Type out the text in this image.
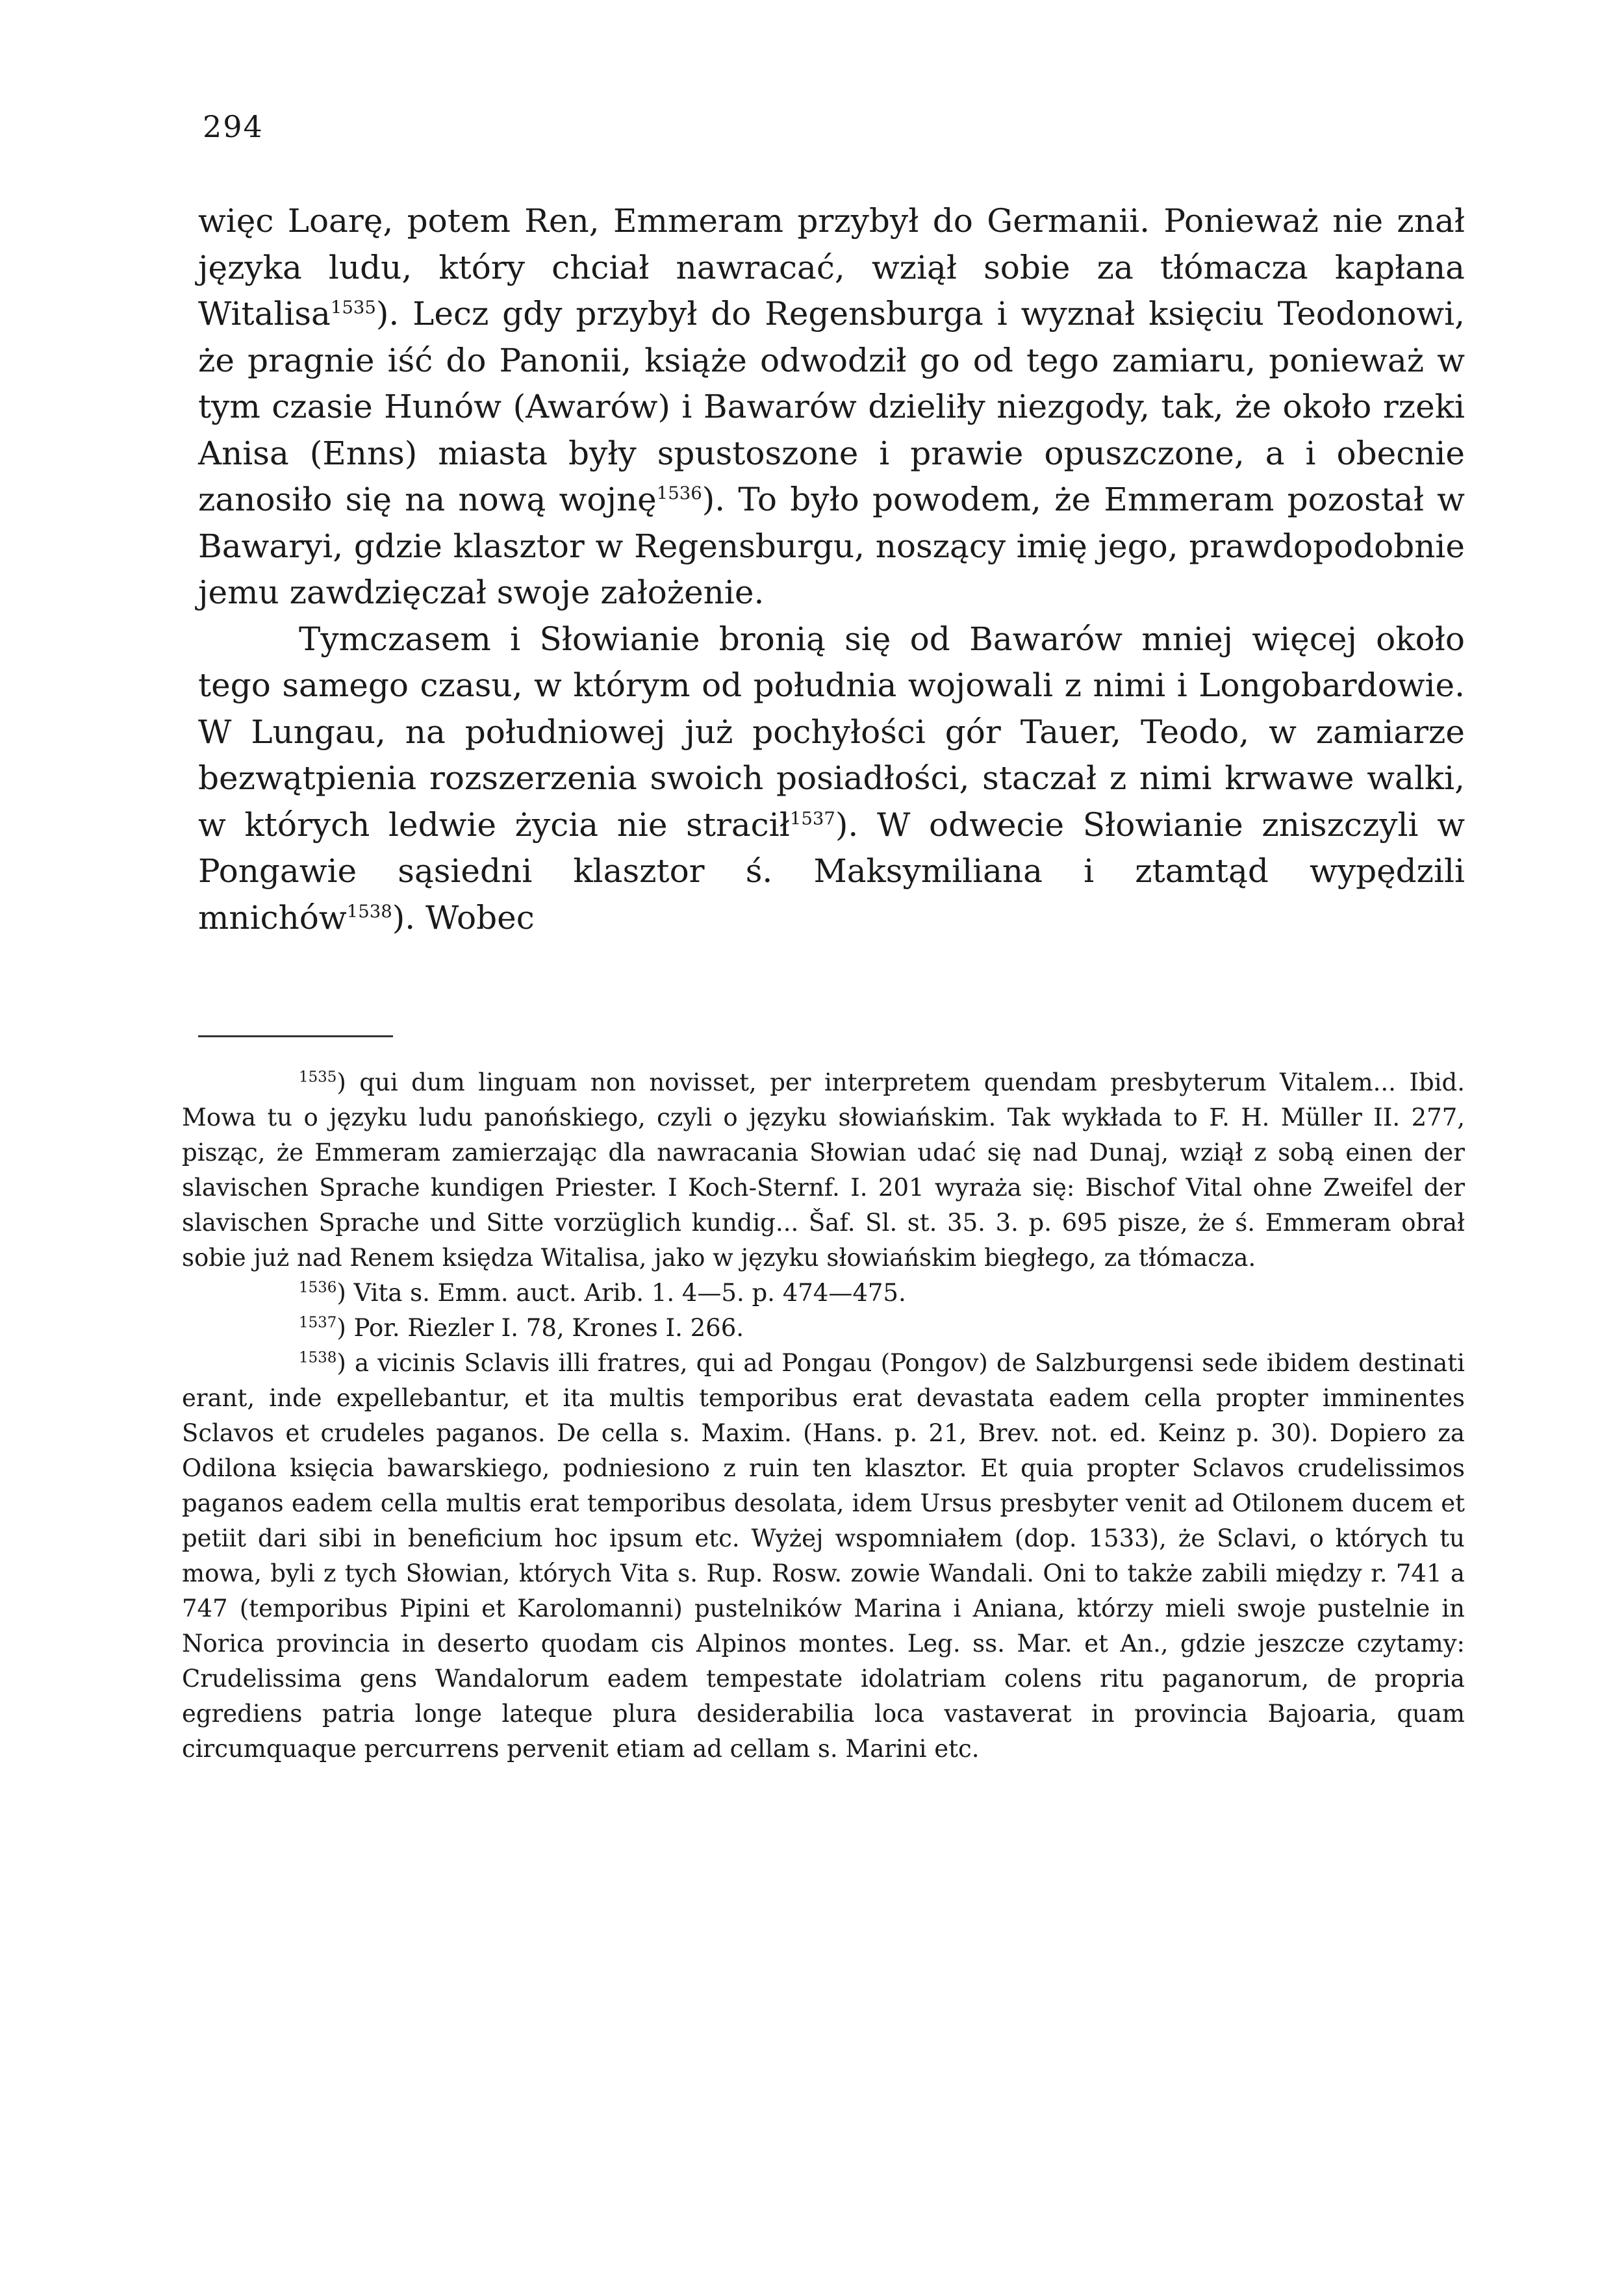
294

więc Loarę, potem Ren, Emmeram przybył do Germanii. Ponieważ nie znał języka ludu, który chciał nawracać, wziął sobie za tłómacza kapłana Witalisa$^{1535}$). Lecz gdy przybył do Regensburga i wyznał księciu Teodonowi, że pragnie iść do Panonii, książe odwodził go od tego zamiaru, ponieważ w tym czasie Hunów (Awarów) i Bawarów dzieliły niezgody, tak, że około rzeki Anisa (Enns) miasta były spustoszone i prawie opuszczone, a i obecnie zanosiło się na nową wojnę$^{1536}$). To było powodem, że Emmeram pozostał w Bawaryi, gdzie klasztor w Regensburgu, noszący imię jego, prawdopodobnie jemu zawdzięczał swoje założenie.

Tymczasem i Słowianie bronią się od Bawarów mniej więcej około tego samego czasu, w którym od południa wojowali z nimi i Longobardowie. W Lungau, na południowej już pochyłości gór Tauer, Teodo, w zamiarze bezwątpienia rozszerzenia swoich posiadłości, staczał z nimi krwawe walki, w których ledwie życia nie stracił$^{1537}$). W odwecie Słowianie zniszczyli w Pongawie sąsiedni klasztor ś. Maksymiliana i ztamtąd wypędzili mnichów$^{1538}$). Wobec

$^{1535}$) qui dum linguam non novisset, per interpretem quendam presbyterum Vitalem... Ibid. Mowa tu o języku ludu panońskiego, czyli o języku słowiańskim. Tak wykłada to F. H. Müller II. 277, pisząc, że Emmeram zamierzając dla nawracania Słowian udać się nad Dunaj, wziął z sobą einen der slavischen Sprache kundigen Priester. I Koch-Sternf. I. 201 wyraża się: Bischof Vital ohne Zweifel der slavischen Sprache und Sitte vorzüglich kundig... Šaf. Sl. st. 35. 3. p. 695 pisze, że ś. Emmeram obrał sobie już nad Renem księdza Witalisa, jako w języku słowiańskim biegłego, za tłómacza.

$^{1536}$) Vita s. Emm. auct. Arib. 1. 4—5. p. 474—475.

$^{1537}$) Por. Riezler I. 78, Krones I. 266.

$^{1538}$) a vicinis Sclavis illi fratres, qui ad Pongau (Pongov) de Salzburgensi sede ibidem destinati erant, inde expellebantur, et ita multis temporibus erat devastata eadem cella propter imminentes Sclavos et crudeles paganos. De cella s. Maxim. (Hans. p. 21, Brev. not. ed. Keinz p. 30). Dopiero za Odilona księcia bawarskiego, podniesiono z ruin ten klasztor. Et quia propter Sclavos crudelissimos paganos eadem cella multis erat temporibus desolata, idem Ursus presbyter venit ad Otilonem ducem et petiit dari sibi in beneficium hoc ipsum etc. Wyżej wspomniałem (dop. 1533), że Sclavi, o których tu mowa, byli z tych Słowian, których Vita s. Rup. Rosw. zowie Wandali. Oni to także zabili między r. 741 a 747 (temporibus Pipini et Karolomanni) pustelników Marina i Aniana, którzy mieli swoje pustelnie in Norica provincia in deserto quodam cis Alpinos montes. Leg. ss. Mar. et An., gdzie jeszcze czytamy: Crudelissima gens Wandalorum eadem tempestate idolatriam colens ritu paganorum, de propria egrediens patria longe lateque plura desiderabilia loca vastaverat in provincia Bajoaria, quam circumquaque percurrens pervenit etiam ad cellam s. Marini etc.
